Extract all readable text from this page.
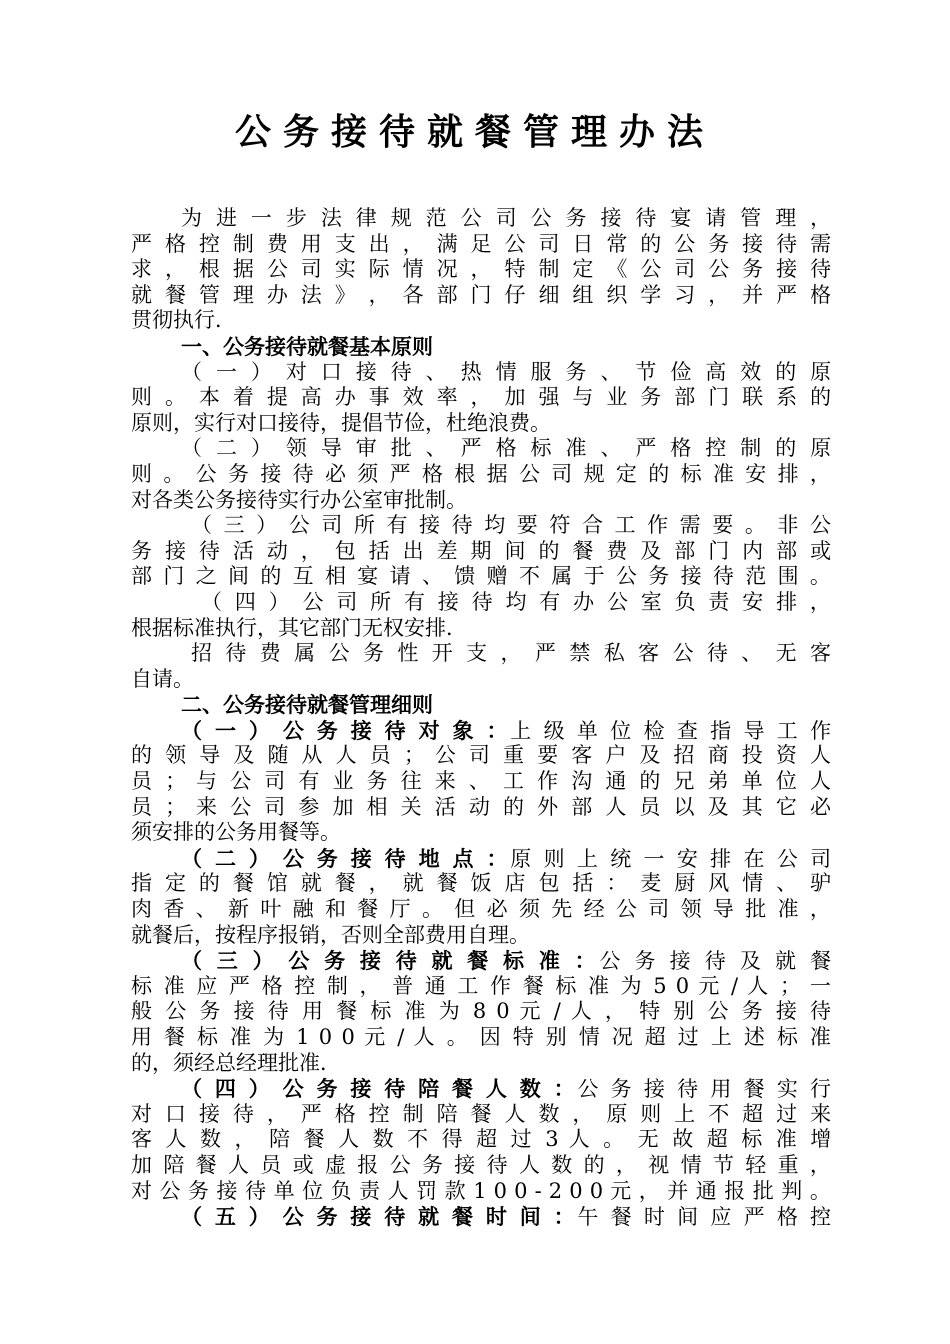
公务接待就餐管理办法
为 进 一 步 法 律 规 范 公 司 公 务 接 待 宴 请 管 理 ，
严 格 控 制 费 用 支 出 ， 满 足 公 司 日 常 的 公 务 接 待 需
求 ， 根 据 公 司 实 际 情 况 ， 特 制 定 《 公 司 公 务 接 待
就 餐 管 理 办 法 》 ， 各 部 门 仔 细 组 织 学 习 ， 并 严 格
贯彻执行．
一、公务接待就餐基本原则
（ 一 ） 对 口 接 待 、 热 情 服 务 、 节 俭 高 效 的 原
则 。 本 着 提 高 办 事 效 率 ， 加 强 与 业 务 部 门 联 系 的
原则，实行对口接待，提倡节俭，杜绝浪费。
（ 二 ） 领 导 审 批 、 严 格 标 准 、 严 格 控 制 的 原
则 。 公 务 接 待 必 须 严 格 根 据 公 司 规 定 的 标 准 安 排 ，
对各类公务接待实行办公室审批制。
（ 三 ） 公 司 所 有 接 待 均 要 符 合 工 作 需 要 。 非 公
务 接 待 活 动 ， 包 括 出 差 期 间 的 餐 费 及 部 门 内 部 或
部 门 之 间 的 互 相 宴 请 、 馈 赠 不 属 于 公 务 接 待 范 围 。
（ 四 ） 公 司 所 有 接 待 均 有 办 公 室 负 责 安 排 ，
根据标准执行，其它部门无权安排．
招 待 费 属 公 务 性 开 支 ， 严 禁 私 客 公 待 、 无 客
自请。
二、公务接待就餐管理细则
（ 一 ） 公 务 接 待 对 象 ：上 级 单 位 检 查 指 导 工 作
的 领 导 及 随 从 人 员 ； 公 司 重 要 客 户 及 招 商 投 资 人
员 ； 与 公 司 有 业 务 往 来 、 工 作 沟 通 的 兄 弟 单 位 人
员 ； 来 公 司 参 加 相 关 活 动 的 外 部 人 员 以 及 其 它 必
须安排的公务用餐等。
（ 二 ） 公 务 接 待 地 点 ：原 则 上 统 一 安 排 在 公 司
指 定 的 餐 馆 就 餐 ， 就 餐 饭 店 包 括 ： 麦 厨 风 情 、 驴
肉 香 、 新 叶 融 和 餐 厅 。 但 必 须 先 经 公 司 领 导 批 准 ，
就餐后，按程序报销，否则全部费用自理。
（ 三 ） 公 务 接 待 就 餐 标 准 ：公 务 接 待 及 就 餐
标 准 应 严 格 控 制 ， 普 通 工 作 餐 标 准 为 5 0 元 / 人 ； 一
般 公 务 接 待 用 餐 标 准 为 8 0 元 / 人 ， 特 别 公 务 接 待
用 餐 标 准 为 1 0 0 元 / 人 。 因 特 别 情 况 超 过 上 述 标 准
的，须经总经理批准．
（ 四 ） 公 务 接 待 陪 餐 人 数 ：公 务 接 待 用 餐 实 行
对 口 接 待 ， 严 格 控 制 陪 餐 人 数 ， 原 则 上 不 超 过 来
客 人 数 ， 陪 餐 人 数 不 得 超 过 3 人 。 无 故 超 标 准 增
加 陪 餐 人 员 或 虚 报 公 务 接 待 人 数 的 ， 视 情 节 轻 重 ，
对 公 务 接 待 单 位 负 责 人 罚 款 1 0 0 - 2 0 0 元 ， 并 通 报 批 判 。
（ 五 ） 公 务 接 待 就 餐 时 间 ：午 餐 时 间 应 严 格 控
